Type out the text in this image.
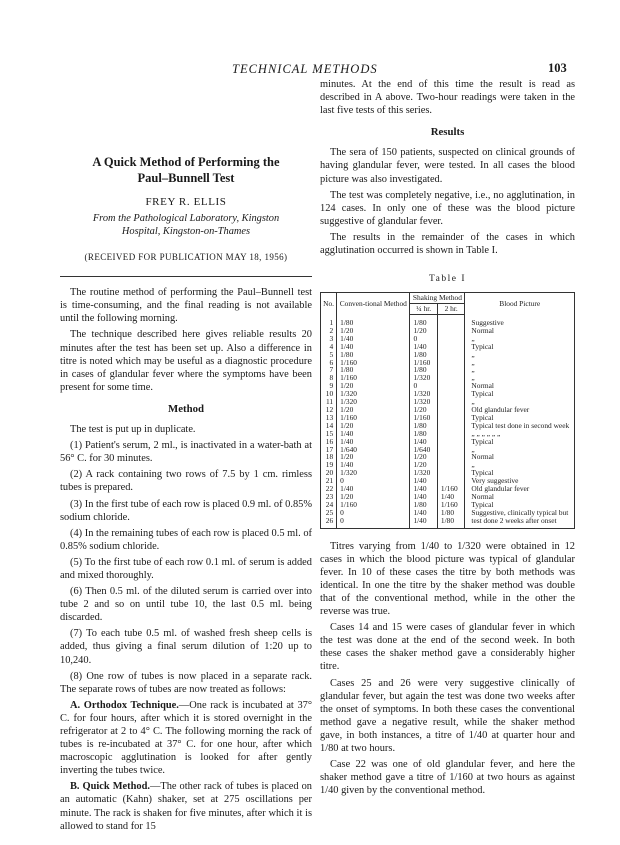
TECHNICAL METHODS	103
A Quick Method of Performing the
Paul–Bunnell Test
FREY R. ELLIS
From the Pathological Laboratory, Kingston
Hospital, Kingston-on-Thames
(RECEIVED FOR PUBLICATION MAY 18, 1956)

The routine method of performing the Paul–Bunnell test is time-consuming, and the final reading is not available until the following morning.

The technique described here gives reliable results 20 minutes after the test has been set up. Also a difference in titre is noted which may be useful as a diagnostic procedure in cases of glandular fever where the symptoms have been present for some time.

Method

The test is put up in duplicate.

(1) Patient's serum, 2 ml., is inactivated in a water-bath at 56° C. for 30 minutes.

(2) A rack containing two rows of 7.5 by 1 cm. rimless tubes is prepared.

(3) In the first tube of each row is placed 0.9 ml. of 0.85% sodium chloride.

(4) In the remaining tubes of each row is placed 0.5 ml. of 0.85% sodium chloride.

(5) To the first tube of each row 0.1 ml. of serum is added and mixed thoroughly.

(6) Then 0.5 ml. of the diluted serum is carried over into tube 2 and so on until tube 10, the last 0.5 ml. being discarded.

(7) To each tube 0.5 ml. of washed fresh sheep cells is added, thus giving a final serum dilution of 1:20 up to 10,240.

(8) One row of tubes is now placed in a separate rack. The separate rows of tubes are now treated as follows:

A. Orthodox Technique.—One rack is incubated at 37° C. for four hours, after which it is stored overnight in the refrigerator at 2 to 4° C. The following morning the rack of tubes is re-incubated at 37° C. for one hour, after which macroscopic agglutination is looked for after gently inverting the tubes twice.

B. Quick Method.—The other rack of tubes is placed on an automatic (Kahn) shaker, set at 275 oscillations per minute. The rack is shaken for five minutes, after which it is allowed to stand for 15

minutes. At the end of this time the result is read as described in A above. Two-hour readings were taken in the last five tests of this series.

Results

The sera of 150 patients, suspected on clinical grounds of having glandular fever, were tested. In all cases the blood picture was also investigated.

The test was completely negative, i.e., no agglutination, in 124 cases. In only one of these was the blood picture suggestive of glandular fever.

The results in the remainder of the cases in which agglutination occurred is shown in Table I.

Table I
No.	Conven-tional Method	Shaking Method		Blood Picture
		¼ hr.	2 hr.	
1	1/80	1/80		Suggestive
2	1/20	1/20		Normal
3	1/40	0		„
4	1/40	1/40		Typical
5	1/80	1/80		„
6	1/160	1/160		„
7	1/80	1/80		„
8	1/160	1/320		„
9	1/20	0		Normal
10	1/320	1/320		Typical
11	1/320	1/320		„
12	1/20	1/20		Old glandular fever
13	1/160	1/160		Typical
14	1/20	1/80		Typical test done in second week
15	1/40	1/80		„ „ „ „ „ „
16	1/40	1/40		Typical
17	1/640	1/640		„
18	1/20	1/20		Normal
19	1/40	1/20		„
20	1/320	1/320		Typical
21	0	1/40		Very suggestive
22	1/40	1/40	1/160	Old glandular fever
23	1/20	1/40	1/40	Normal
24	1/160	1/80	1/160	Typical
25	0	1/40	1/80	Suggestive, clinically typical but
26	0	1/40	1/80	test done 2 weeks after onset

Titres varying from 1/40 to 1/320 were obtained in 12 cases in which the blood picture was typical of glandular fever. In 10 of these cases the titre by both methods was identical. In one the titre by the shaker method was double that of the conventional method, while in the other the reverse was true.

Cases 14 and 15 were cases of glandular fever in which the test was done at the end of the second week. In both these cases the shaker method gave a considerably higher titre.

Cases 25 and 26 were very suggestive clinically of glandular fever, but again the test was done two weeks after the onset of symptoms. In both these cases the conventional method gave a negative result, while the shaker method gave, in both instances, a titre of 1/40 at quarter hour and 1/80 at two hours.

Case 22 was one of old glandular fever, and here the shaker method gave a titre of 1/160 at two hours as against 1/40 given by the conventional method.
